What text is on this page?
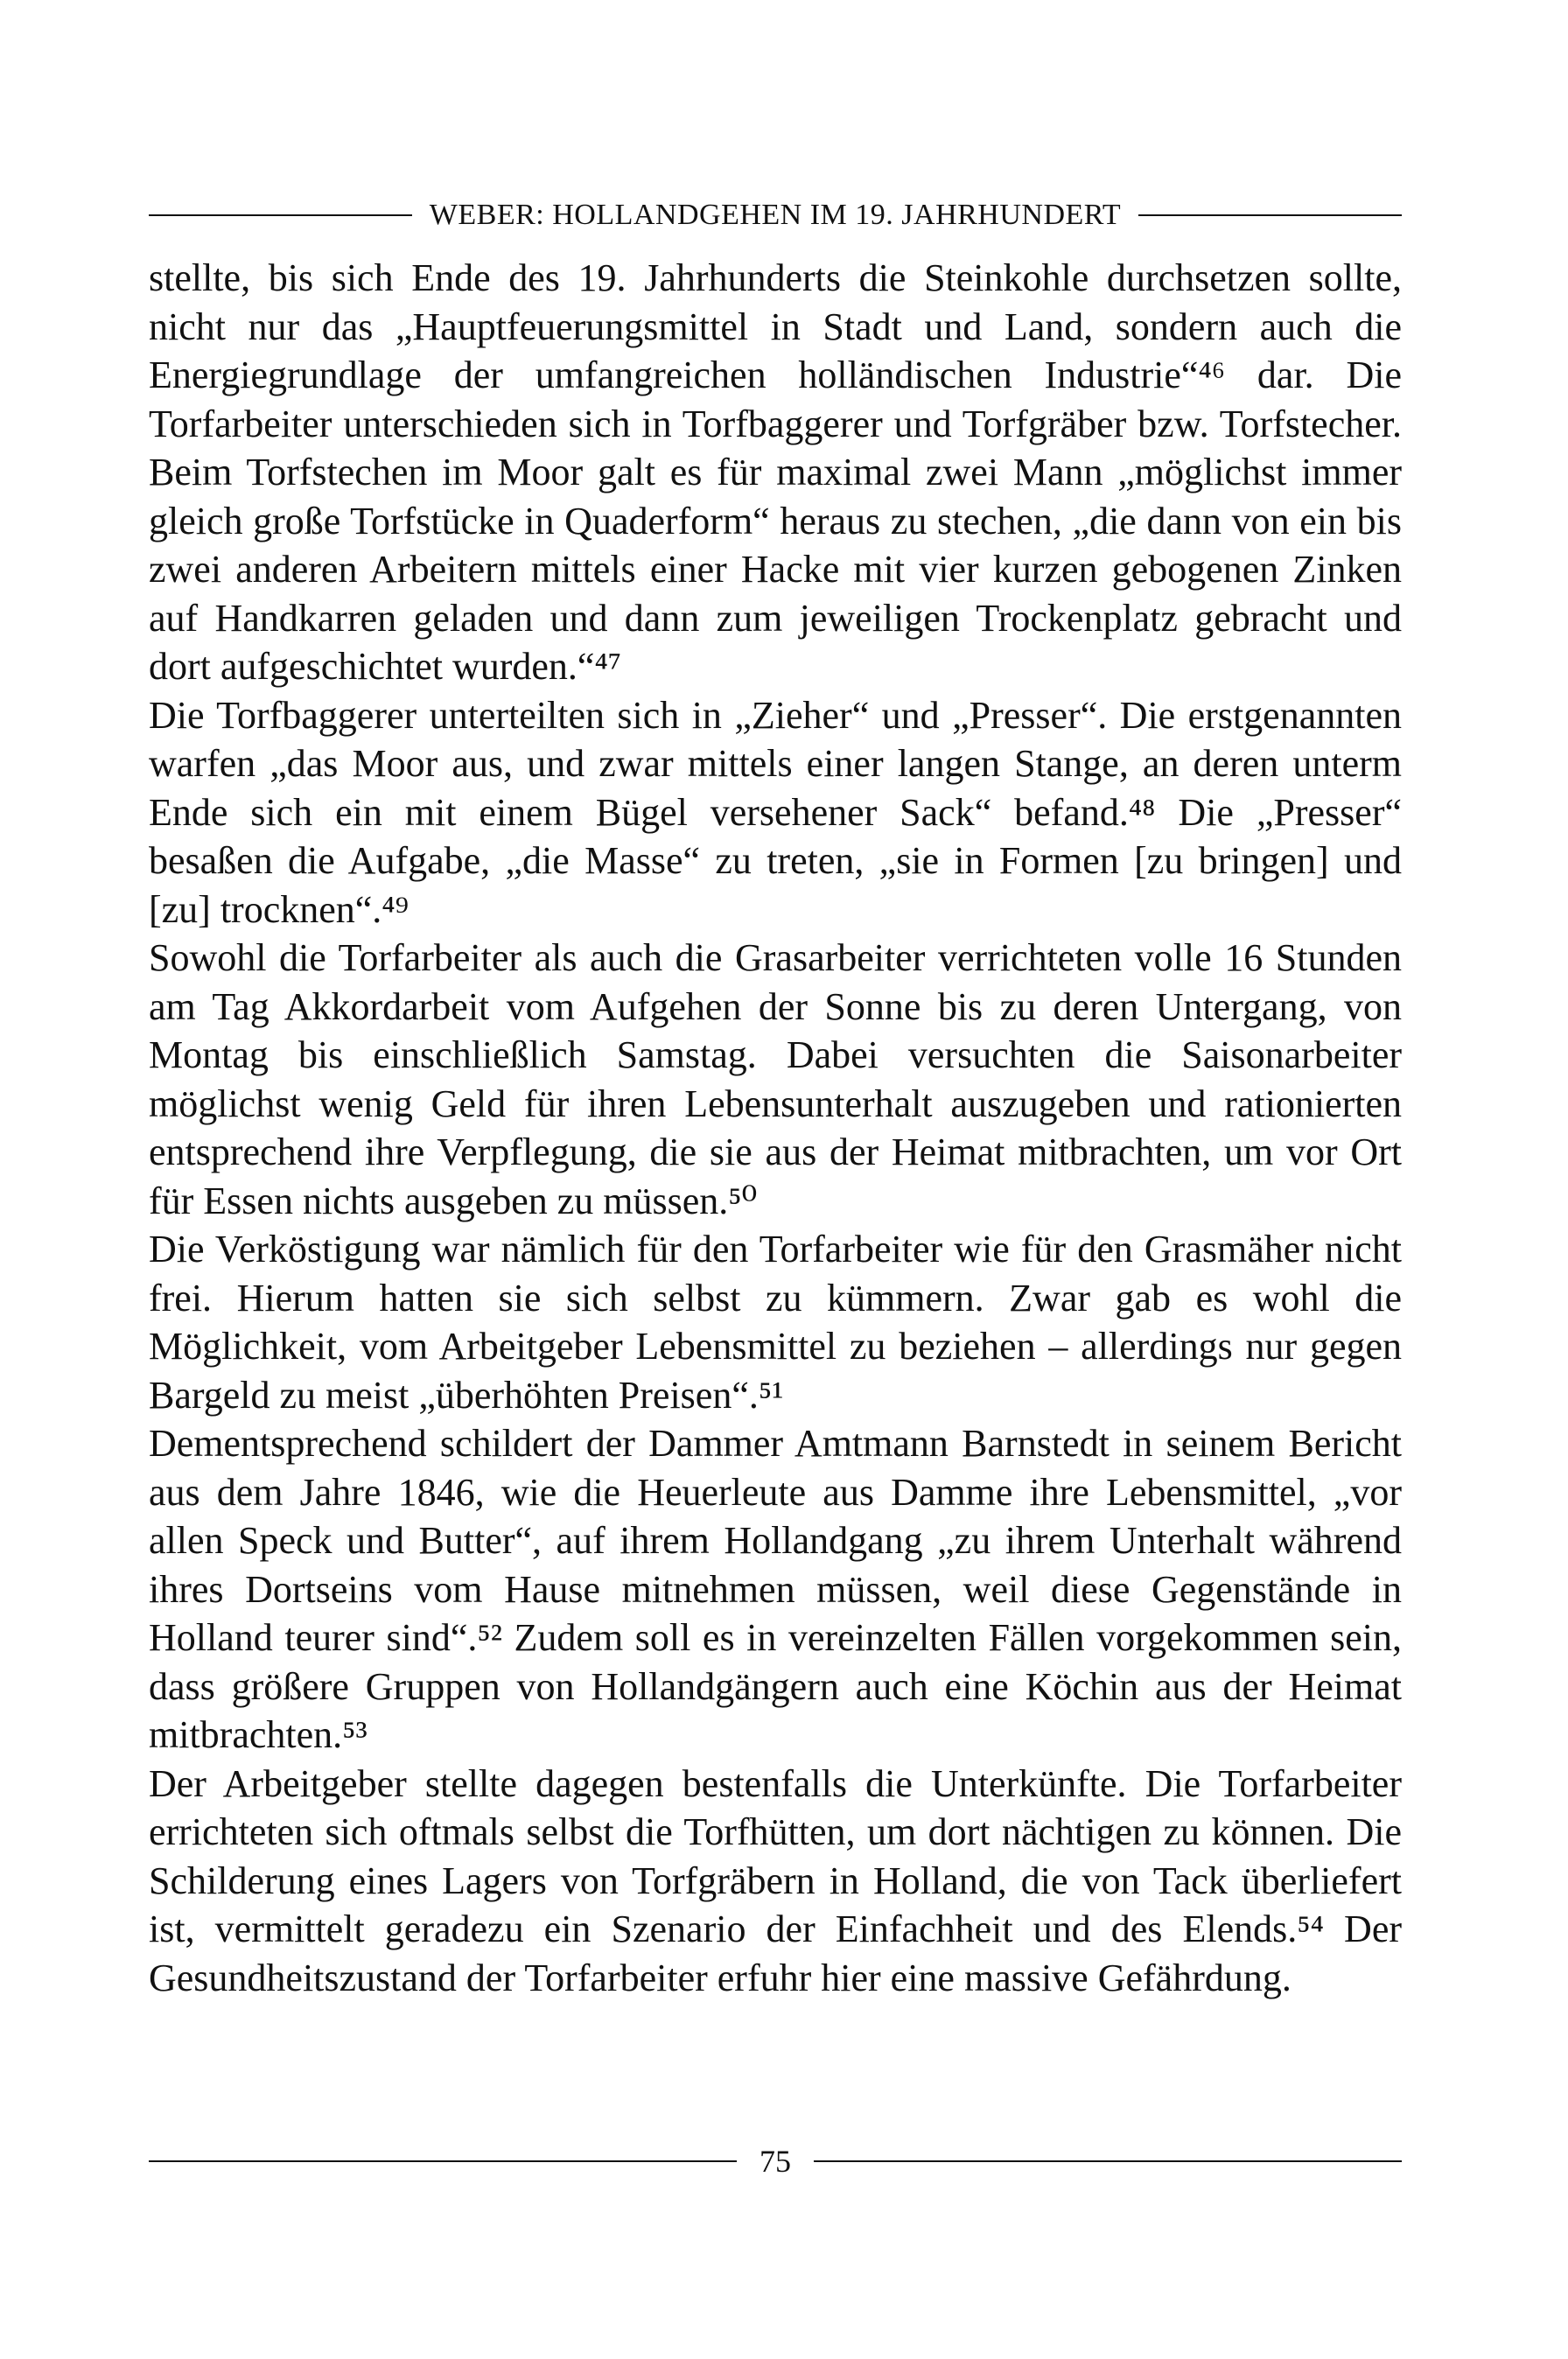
WEBER: HOLLANDGEHEN IM 19. JAHRHUNDERT

stellte, bis sich Ende des 19. Jahrhunderts die Steinkohle durchsetzen sollte, nicht nur das „Hauptfeuerungsmittel in Stadt und Land, sondern auch die Energiegrundlage der umfangreichen holländischen Industrie“⁴⁶ dar. Die Torfarbeiter unterschieden sich in Torfbaggerer und Torfgräber bzw. Torfstecher. Beim Torfstechen im Moor galt es für maximal zwei Mann „möglichst immer gleich große Torfstücke in Quaderform“ heraus zu stechen, „die dann von ein bis zwei anderen Arbeitern mittels einer Hacke mit vier kurzen gebogenen Zinken auf Handkarren geladen und dann zum jeweiligen Trockenplatz gebracht und dort aufgeschichtet wurden.“⁴⁷

Die Torfbaggerer unterteilten sich in „Zieher“ und „Presser“. Die erstgenannten warfen „das Moor aus, und zwar mittels einer langen Stange, an deren unterm Ende sich ein mit einem Bügel versehener Sack“ befand.⁴⁸ Die „Presser“ besaßen die Aufgabe, „die Masse“ zu treten, „sie in Formen [zu bringen] und [zu] trocknen“.⁴⁹

Sowohl die Torfarbeiter als auch die Grasarbeiter verrichteten volle 16 Stunden am Tag Akkordarbeit vom Aufgehen der Sonne bis zu deren Untergang, von Montag bis einschließlich Samstag. Dabei versuchten die Saisonarbeiter möglichst wenig Geld für ihren Lebensunterhalt auszugeben und rationierten entsprechend ihre Verpflegung, die sie aus der Heimat mitbrachten, um vor Ort für Essen nichts ausgeben zu müssen.⁵⁰

Die Verköstigung war nämlich für den Torfarbeiter wie für den Grasmäher nicht frei. Hierum hatten sie sich selbst zu kümmern. Zwar gab es wohl die Möglichkeit, vom Arbeitgeber Lebensmittel zu beziehen – allerdings nur gegen Bargeld zu meist „überhöhten Preisen“.⁵¹

Dementsprechend schildert der Dammer Amtmann Barnstedt in seinem Bericht aus dem Jahre 1846, wie die Heuerleute aus Damme ihre Lebensmittel, „vor allen Speck und Butter“, auf ihrem Hollandgang „zu ihrem Unterhalt während ihres Dortseins vom Hause mitnehmen müssen, weil diese Gegenstände in Holland teurer sind“.⁵² Zudem soll es in vereinzelten Fällen vorgekommen sein, dass größere Gruppen von Hollandgängern auch eine Köchin aus der Heimat mitbrachten.⁵³

Der Arbeitgeber stellte dagegen bestenfalls die Unterkünfte. Die Torfarbeiter errichteten sich oftmals selbst die Torfhütten, um dort nächtigen zu können. Die Schilderung eines Lagers von Torfgräbern in Holland, die von Tack überliefert ist, vermittelt geradezu ein Szenario der Einfachheit und des Elends.⁵⁴ Der Gesundheitszustand der Torfarbeiter erfuhr hier eine massive Gefährdung.

75
